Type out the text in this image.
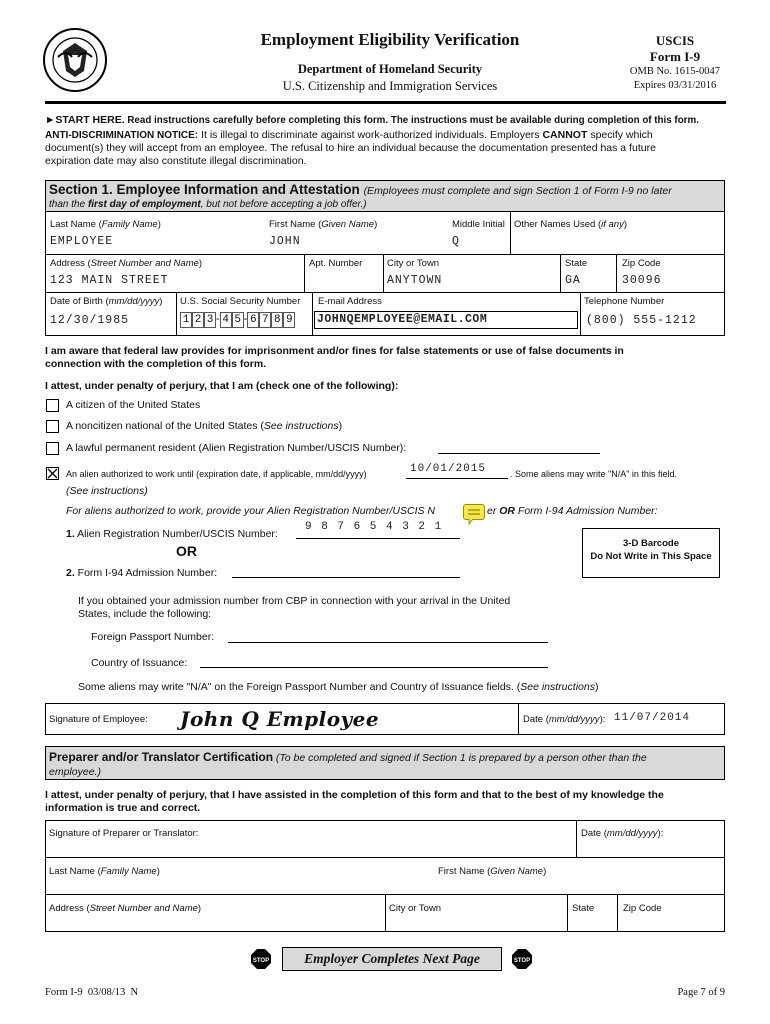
Employment Eligibility Verification
Department of Homeland Security
U.S. Citizenship and Immigration Services
USCIS
Form I-9
OMB No. 1615-0047
Expires 03/31/2016
►START HERE. Read instructions carefully before completing this form. The instructions must be available during completion of this form.
ANTI-DISCRIMINATION NOTICE: It is illegal to discriminate against work-authorized individuals. Employers CANNOT specify which
document(s) they will accept from an employee. The refusal to hire an individual because the documentation presented has a future
expiration date may also constitute illegal discrimination.
Section 1. Employee Information and Attestation (Employees must complete and sign Section 1 of Form I-9 no later
than the first day of employment, but not before accepting a job offer.)
Last Name (Family Name)
EMPLOYEE
First Name (Given Name)
JOHN
Middle Initial
Q
Other Names Used (if any)
Address (Street Number and Name)
123 MAIN STREET
Apt. Number	City or Town
ANYTOWN
State
GA
Zip Code
30096
Date of Birth (mm/dd/yyyy)
12/30/1985
U.S. Social Security Number
1 2 3 - 4 5 - 6 7 8 9
E-mail Address
JOHNQEMPLOYEE@EMAIL.COM
Telephone Number
(800) 555-1212
I am aware that federal law provides for imprisonment and/or fines for false statements or use of false documents in
connection with the completion of this form.
I attest, under penalty of perjury, that I am (check one of the following):
A citizen of the United States
A noncitizen national of the United States (See instructions)
A lawful permanent resident (Alien Registration Number/USCIS Number):
An alien authorized to work until (expiration date, if applicable, mm/dd/yyyy)	10/01/2015	. Some aliens may write "N/A" in this field.
(See instructions)
For aliens authorized to work, provide your Alien Registration Number/USCIS N	er OR Form I-94 Admission Number:
1. Alien Registration Number/USCIS Number:
9 8 7 6 5 4 3 2 1
OR	3-D Barcode
Do Not Write in This Space
2. Form I-94 Admission Number:
If you obtained your admission number from CBP in connection with your arrival in the United
States, include the following:
Foreign Passport Number:
Country of Issuance:
Some aliens may write "N/A" on the Foreign Passport Number and Country of Issuance fields. (See instructions)
Signature of Employee: John Q Employee	Date (mm/dd/yyyy): 11/07/2014
Preparer and/or Translator Certification (To be completed and signed if Section 1 is prepared by a person other than the
employee.)
I attest, under penalty of perjury, that I have assisted in the completion of this form and that to the best of my knowledge the
information is true and correct.
Signature of Preparer or Translator:	Date (mm/dd/yyyy):
Last Name (Family Name)	First Name (Given Name)
Address (Street Number and Name)	City or Town	State	Zip Code
STOP	Employer Completes Next Page	STOP
Form I-9  03/08/13  N	Page 7 of 9
